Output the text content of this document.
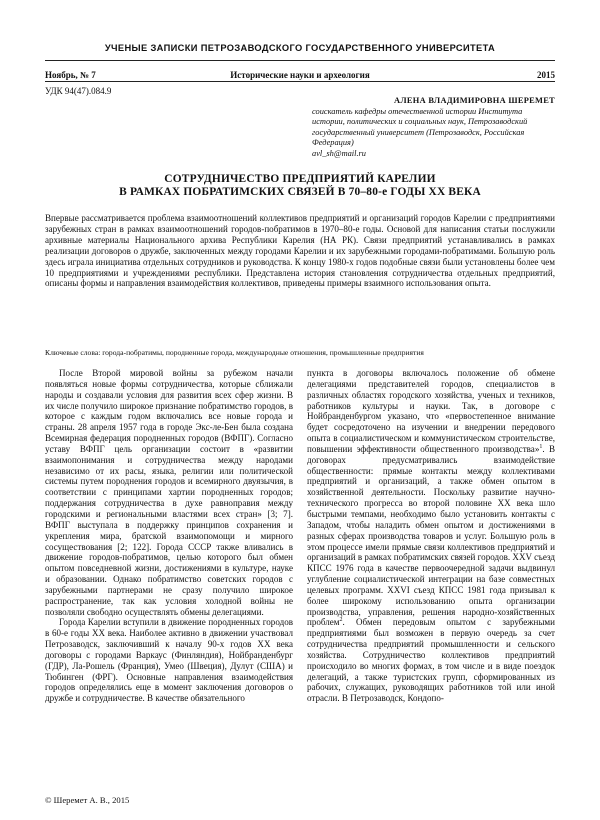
УЧЕНЫЕ ЗАПИСКИ ПЕТРОЗАВОДСКОГО ГОСУДАРСТВЕННОГО УНИВЕРСИТЕТА
Исторические науки и археология
Ноябрь, № 7	2015
УДК 94(47).084.9
АЛЕНА ВЛАДИМИРОВНА ШЕРЕМЕТ
соискатель кафедры отечественной истории Института истории, политических и социальных наук, Петрозаводский государственный университет (Петрозаводск, Российская Федерация)
avl_sh@mail.ru
СОТРУДНИЧЕСТВО ПРЕДПРИЯТИЙ КАРЕЛИИ
В РАМКАХ ПОБРАТИМСКИХ СВЯЗЕЙ В 70–80-е ГОДЫ XX ВЕКА
Впервые рассматривается проблема взаимоотношений коллективов предприятий и организаций городов Карелии с предприятиями зарубежных стран в рамках взаимоотношений городов-побратимов в 1970–80-е годы. Основой для написания статьи послужили архивные материалы Национального архива Республики Карелия (НА РК). Связи предприятий устанавливались в рамках реализации договоров о дружбе, заключенных между городами Карелии и их зарубежными городами-побратимами. Большую роль здесь играла инициатива отдельных сотрудников и руководства. К концу 1980-х годов подобные связи были установлены более чем 10 предприятиями и учреждениями республики. Представлена история становления сотрудничества отдельных предприятий, описаны формы и направления взаимодействия коллективов, приведены примеры взаимного использования опыта.
Ключевые слова: города-побратимы, породненные города, международные отношения, промышленные предприятия

После Второй мировой войны за рубежом начали появляться новые формы сотрудничества, которые сближали народы и создавали условия для развития всех сфер жизни. В их числе получило широкое признание побратимство городов, в которое с каждым годом включались все новые города и страны. 28 апреля 1957 года в городе Экс-ле-Бен была создана Всемирная федерация породненных городов (ВФПГ). Согласно уставу ВФПГ цель организации состоит в «развитии взаимопонимания и сотрудничества между народами независимо от их расы, языка, религии или политической системы путем породнения городов и всемирного двуязычия, в соответствии с принципами хартии породненных городов; поддержания сотрудничества в духе равноправия между городскими и региональными властями всех стран» [3; 7]. ВФПГ выступала в поддержку принципов сохранения и укрепления мира, братской взаимопомощи и мирного сосуществования [2; 122]. Города СССР также вливались в движение городов-побратимов, целью которого был обмен опытом повседневной жизни, достижениями в культуре, науке и образовании. Однако побратимство советских городов с зарубежными партнерами не сразу получило широкое распространение, так как условия холодной войны не позволяли свободно осуществлять обмены делегациями.

Города Карелии вступили в движение породненных городов в 60-е годы XX века. Наиболее активно в движении участвовал Петрозаводск, заключивший к началу 90-х годов XX века договоры с городами Варкаус (Финляндия), Нойбранденбург (ГДР), Ла-Рошель (Франция), Умео (Швеция), Дулут (США) и Тюбинген (ФРГ). Основные направления взаимодействия городов определялись еще в момент заключения договоров о дружбе и сотрудничестве. В качестве обязательного

пункта в договоры включалось положение об обмене делегациями представителей городов, специалистов в различных областях городского хозяйства, ученых и техников, работников культуры и науки. Так, в договоре с Нойбранденбургом указано, что «первостепенное внимание будет сосредоточено на изучении и внедрении передового опыта в социалистическом и коммунистическом строительстве, повышении эффективности общественного производства»$^1$. В договорах предусматривались взаимодействие общественности: прямые контакты между коллективами предприятий и организаций, а также обмен опытом в хозяйственной деятельности. Поскольку развитие научно-технического прогресса во второй половине XX века шло быстрыми темпами, необходимо было установить контакты с Западом, чтобы наладить обмен опытом и достижениями в разных сферах производства товаров и услуг. Большую роль в этом процессе имели прямые связи коллективов предприятий и организаций в рамках побратимских связей городов. XXV съезд КПСС 1976 года в качестве первоочередной задачи выдвинул углубление социалистической интеграции на базе совместных целевых программ. XXVI съезд КПСС 1981 года призывал к более широкому использованию опыта организации производства, управления, решения народно-хозяйственных проблем$^2$. Обмен передовым опытом с зарубежными предприятиями был возможен в первую очередь за счет сотрудничества предприятий промышленности и сельского хозяйства. Сотрудничество коллективов предприятий происходило во многих формах, в том числе и в виде поездок делегаций, а также туристских групп, сформированных из рабочих, служащих, руководящих работников той или иной отрасли. В Петрозаводск, Кондопо-

© Шеремет А. В., 2015
